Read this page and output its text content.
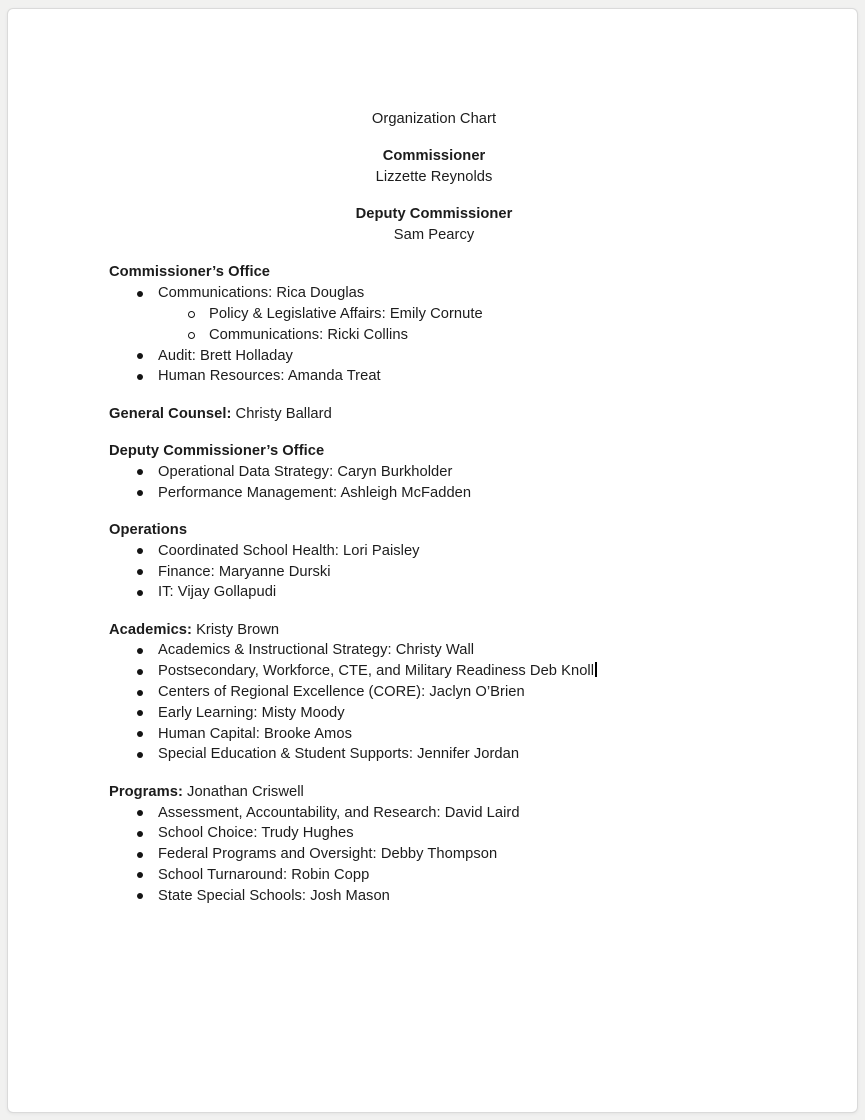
Organization Chart

Commissioner

Lizzette Reynolds

Deputy Commissioner

Sam Pearcy

Commissioner’s Office

Communications: Rica Douglas
Policy & Legislative Affairs: Emily Cornute
Communications: Ricki Collins
Audit: Brett Holladay
Human Resources: Amanda Treat

General Counsel: Christy Ballard

Deputy Commissioner’s Office

Operational Data Strategy: Caryn Burkholder
Performance Management: Ashleigh McFadden

Operations

Coordinated School Health: Lori Paisley
Finance: Maryanne Durski
IT: Vijay Gollapudi

Academics: Kristy Brown

Academics & Instructional Strategy: Christy Wall
Postsecondary, Workforce, CTE, and Military Readiness Deb Knoll
Centers of Regional Excellence (CORE): Jaclyn O’Brien
Early Learning: Misty Moody
Human Capital: Brooke Amos
Special Education & Student Supports: Jennifer Jordan

Programs: Jonathan Criswell

Assessment, Accountability, and Research: David Laird
School Choice: Trudy Hughes
Federal Programs and Oversight: Debby Thompson
School Turnaround: Robin Copp
State Special Schools: Josh Mason
